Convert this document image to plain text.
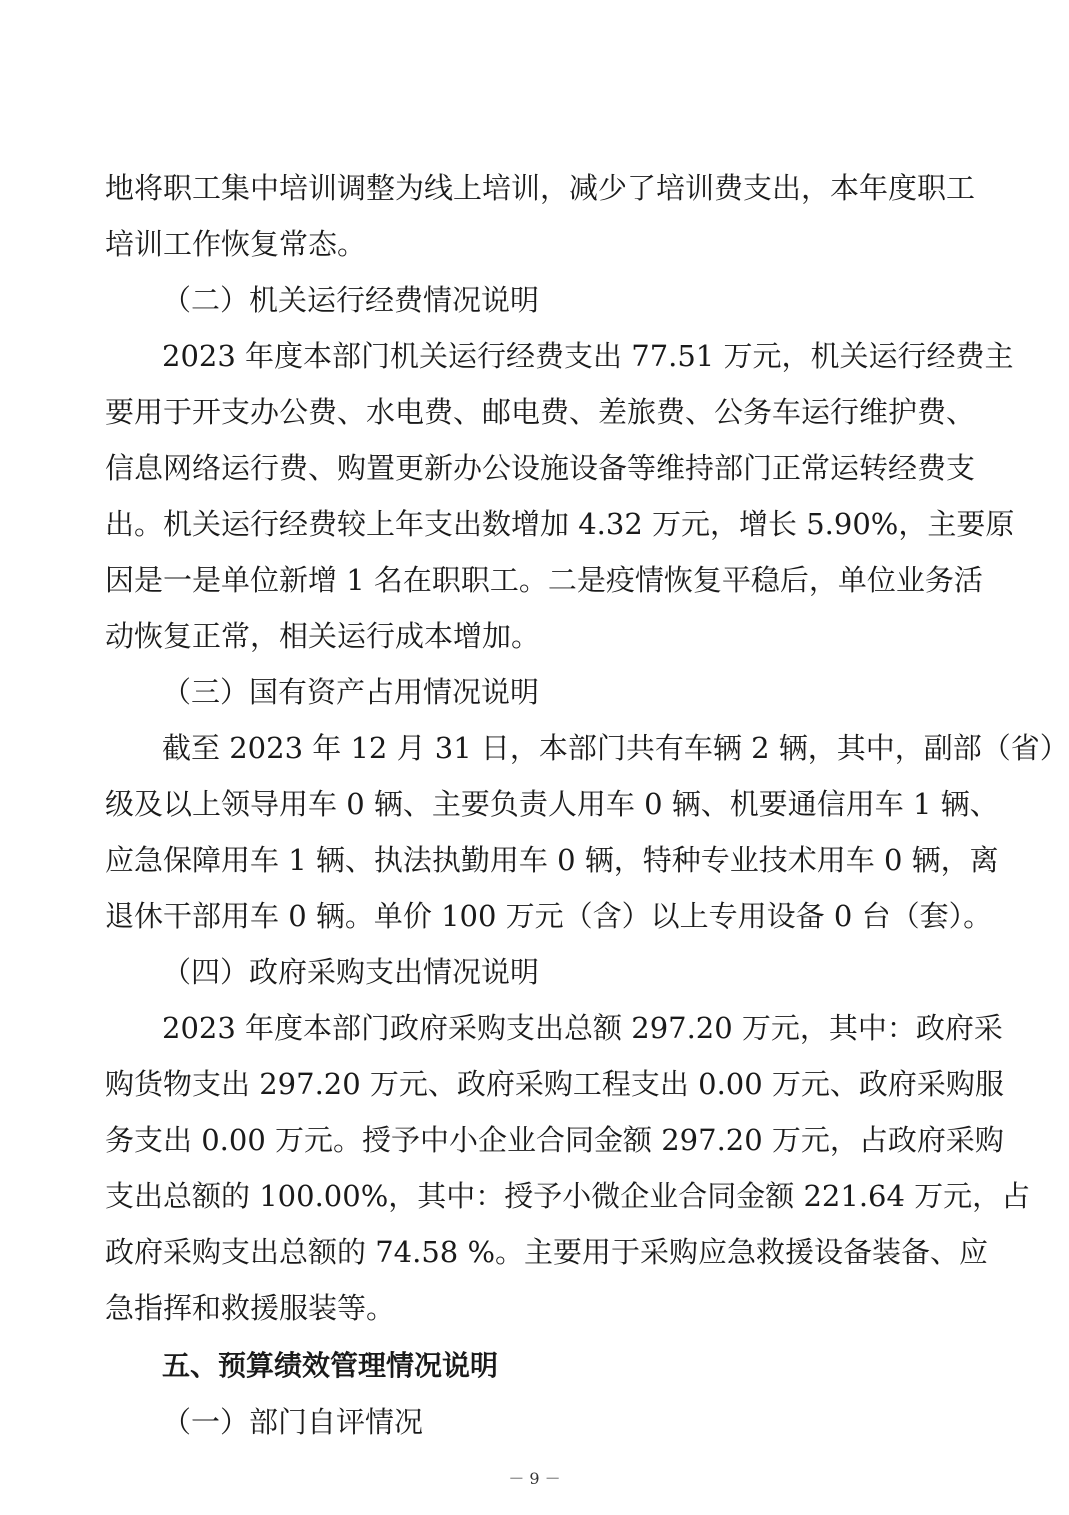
地将职工集中培训调整为线上培训，减少了培训费支出，本年度职工
培训工作恢复常态。
（二）机关运行经费情况说明
2023 年度本部门机关运行经费支出 77.51 万元，机关运行经费主
要用于开支办公费、水电费、邮电费、差旅费、公务车运行维护费、
信息网络运行费、购置更新办公设施设备等维持部门正常运转经费支
出。机关运行经费较上年支出数增加 4.32 万元，增长 5.90%，主要原
因是一是单位新增 1 名在职职工。二是疫情恢复平稳后，单位业务活
动恢复正常，相关运行成本增加。
（三）国有资产占用情况说明
截至 2023 年 12 月 31 日，本部门共有车辆 2 辆，其中，副部（省）
级及以上领导用车 0 辆、主要负责人用车 0 辆、机要通信用车 1 辆、
应急保障用车 1 辆、执法执勤用车 0 辆，特种专业技术用车 0 辆，离
退休干部用车 0 辆。单价 100 万元（含）以上专用设备 0 台（套）。
（四）政府采购支出情况说明
2023 年度本部门政府采购支出总额 297.20 万元，其中：政府采
购货物支出 297.20 万元、政府采购工程支出 0.00 万元、政府采购服
务支出 0.00 万元。授予中小企业合同金额 297.20 万元，占政府采购
支出总额的 100.00%，其中：授予小微企业合同金额 221.64 万元，占
政府采购支出总额的 74.58 %。主要用于采购应急救援设备装备、应
急指挥和救援服装等。
五、预算绩效管理情况说明
（一）部门自评情况
－ 9 －
